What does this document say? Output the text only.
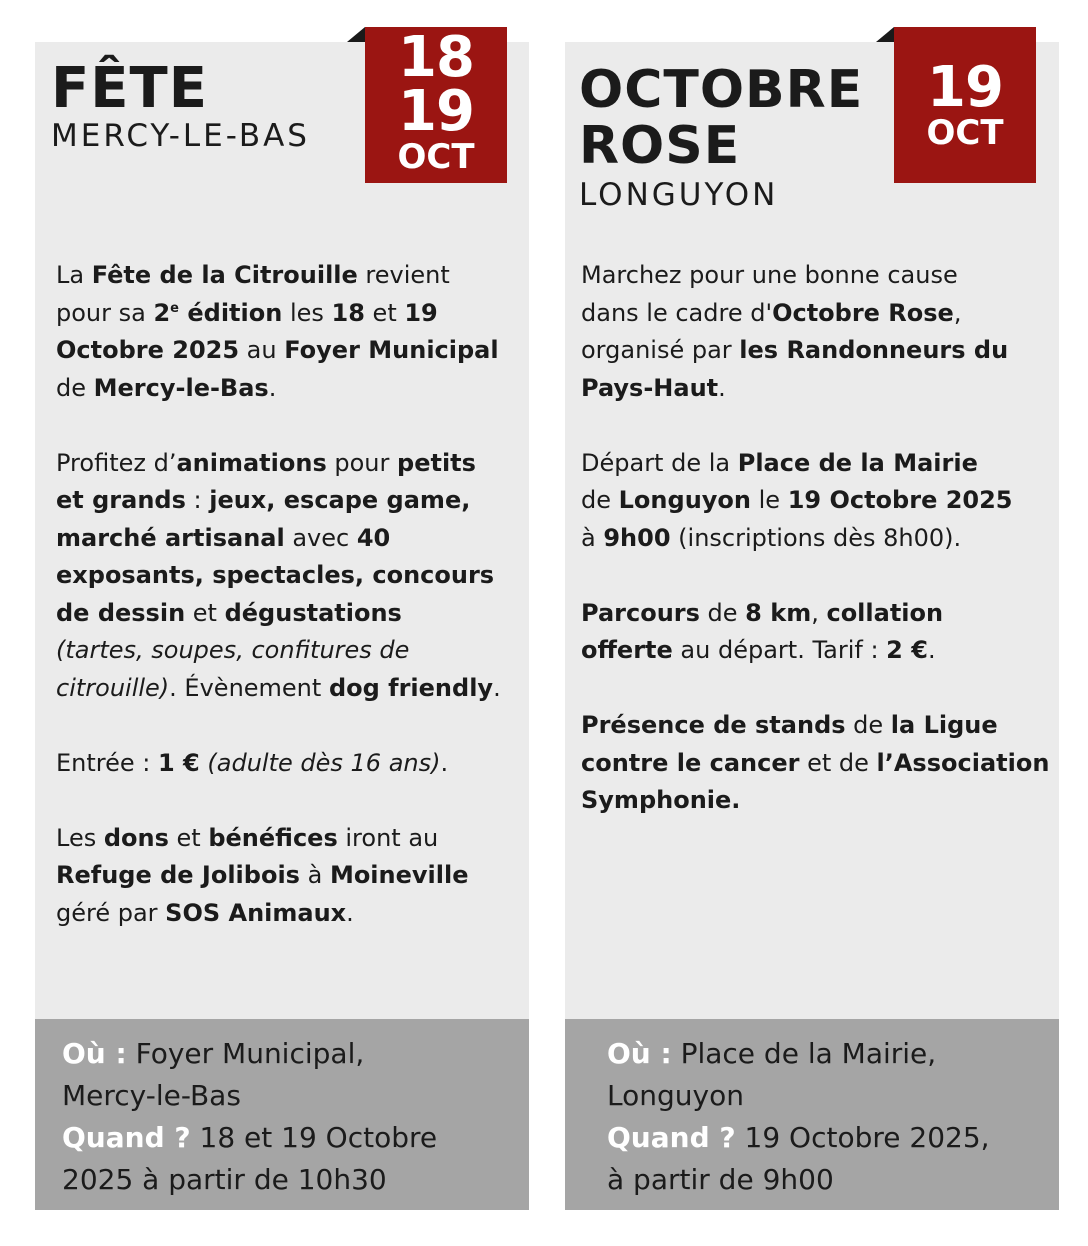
FÊTE
MERCY-LE-BAS

La Fête de la Citrouille revient
pour sa 2e édition les 18 et 19
Octobre 2025 au Foyer Municipal
de Mercy-le-Bas.

Profitez d’animations pour petits
et grands : jeux, escape game,
marché artisanal avec 40
exposants, spectacles, concours
de dessin et dégustations
(tartes, soupes, confitures de
citrouille). Évènement dog friendly.

Entrée : 1 € (adulte dès 16 ans).

Les dons et bénéfices iront au
Refuge de Jolibois à Moineville
géré par SOS Animaux.

Où : Foyer Municipal,
Mercy-le-Bas
Quand ? 18 et 19 Octobre
2025 à partir de 10h30
18
19
OCT
OCTOBRE
ROSE
LONGUYON

Marchez pour une bonne cause
dans le cadre d'Octobre Rose,
organisé par les Randonneurs du
Pays-Haut.

Départ de la Place de la Mairie
de Longuyon le 19 Octobre 2025
à 9h00 (inscriptions dès 8h00).

Parcours de 8 km, collation
offerte au départ. Tarif : 2 €.

Présence de stands de la Ligue
contre le cancer et de l’Association
Symphonie.

Où : Place de la Mairie,
Longuyon
Quand ? 19 Octobre 2025,
à partir de 9h00
19
OCT
